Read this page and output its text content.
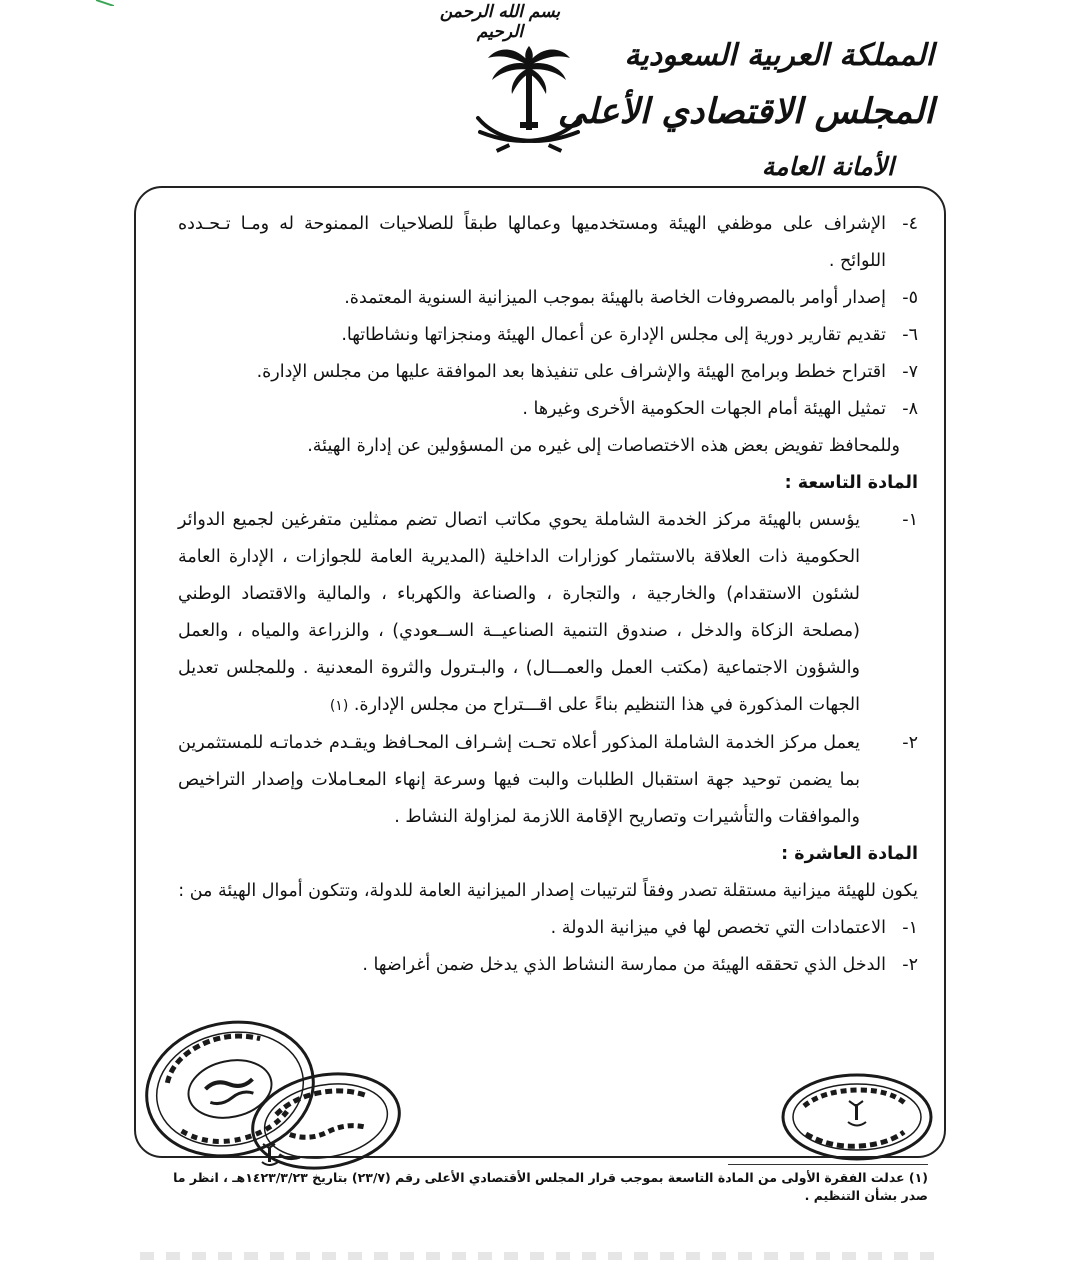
بسم الله الرحمن الرحيم
المملكة العربية السعودية
المجلس الاقتصادي الأعلى
الأمانة العامة

٤-
الإشراف على موظفي الهيئة ومستخدميها وعمالها طبقاً للصلاحيات الممنوحة له ومـا تـحـدده اللوائح .

٥-
إصدار أوامر بالمصروفات الخاصة بالهيئة بموجب الميزانية السنوية المعتمدة.

٦-
تقديم تقارير دورية إلى مجلس الإدارة عن أعمال الهيئة ومنجزاتها ونشاطاتها.

٧-
اقتراح خطط وبرامج الهيئة والإشراف على تنفيذها بعد الموافقة عليها من مجلس الإدارة.

٨-
تمثيل الهيئة أمام الجهات الحكومية الأخرى وغيرها .

وللمحافظ تفويض بعض هذه الاختصاصات إلى غيره من المسؤولين عن إدارة الهيئة.

المادة التاسعة :

١-
يؤسس بالهيئة مركز الخدمة الشاملة يحوي مكاتب اتصال تضم ممثلين متفرغين لجميع الدوائر الحكومية ذات العلاقة بالاستثمار كوزارات الداخلية (المديرية العامة للجوازات ، الإدارة العامة لشئون الاستقدام) والخارجية ، والتجارة ، والصناعة والكهرباء ، والمالية والاقتصاد الوطني (مصلحة الزكاة والدخل ، صندوق التنمية الصناعيــة الســعودي) ، والزراعة والمياه ، والعمل والشؤون الاجتماعية (مكتب العمل والعمـــال) ، والبـترول والثروة المعدنية . وللمجلس تعديل الجهات المذكورة في هذا التنظيم بناءً على اقـــتراح من مجلس الإدارة. (١)

٢-
يعمل مركز الخدمة الشاملة المذكور أعلاه تحـت إشـراف المحـافظ ويقـدم خدماتـه للمستثمرين بما يضمن توحيد جهة استقبال الطلبات والبت فيها وسرعة إنهاء المعـاملات وإصدار التراخيص والموافقات والتأشيرات وتصاريح الإقامة اللازمة لمزاولة النشاط .

المادة العاشرة :

يكون للهيئة ميزانية مستقلة تصدر وفقاً لترتيبات إصدار الميزانية العامة للدولة، وتتكون أموال الهيئة من :

١-
الاعتمادات التي تخصص لها في ميزانية الدولة .

٢-
الدخل الذي تحققه الهيئة من ممارسة النشاط الذي يدخل ضمن أغراضها .

(١) عدلت الفقرة الأولى من المادة التاسعة بموجب قرار المجلس الأقتصادي الأعلى رقم (٢٣/٧) بتاريخ ١٤٢٣/٣/٢٣هـ ، انظر ما صدر بشأن التنظيم .
